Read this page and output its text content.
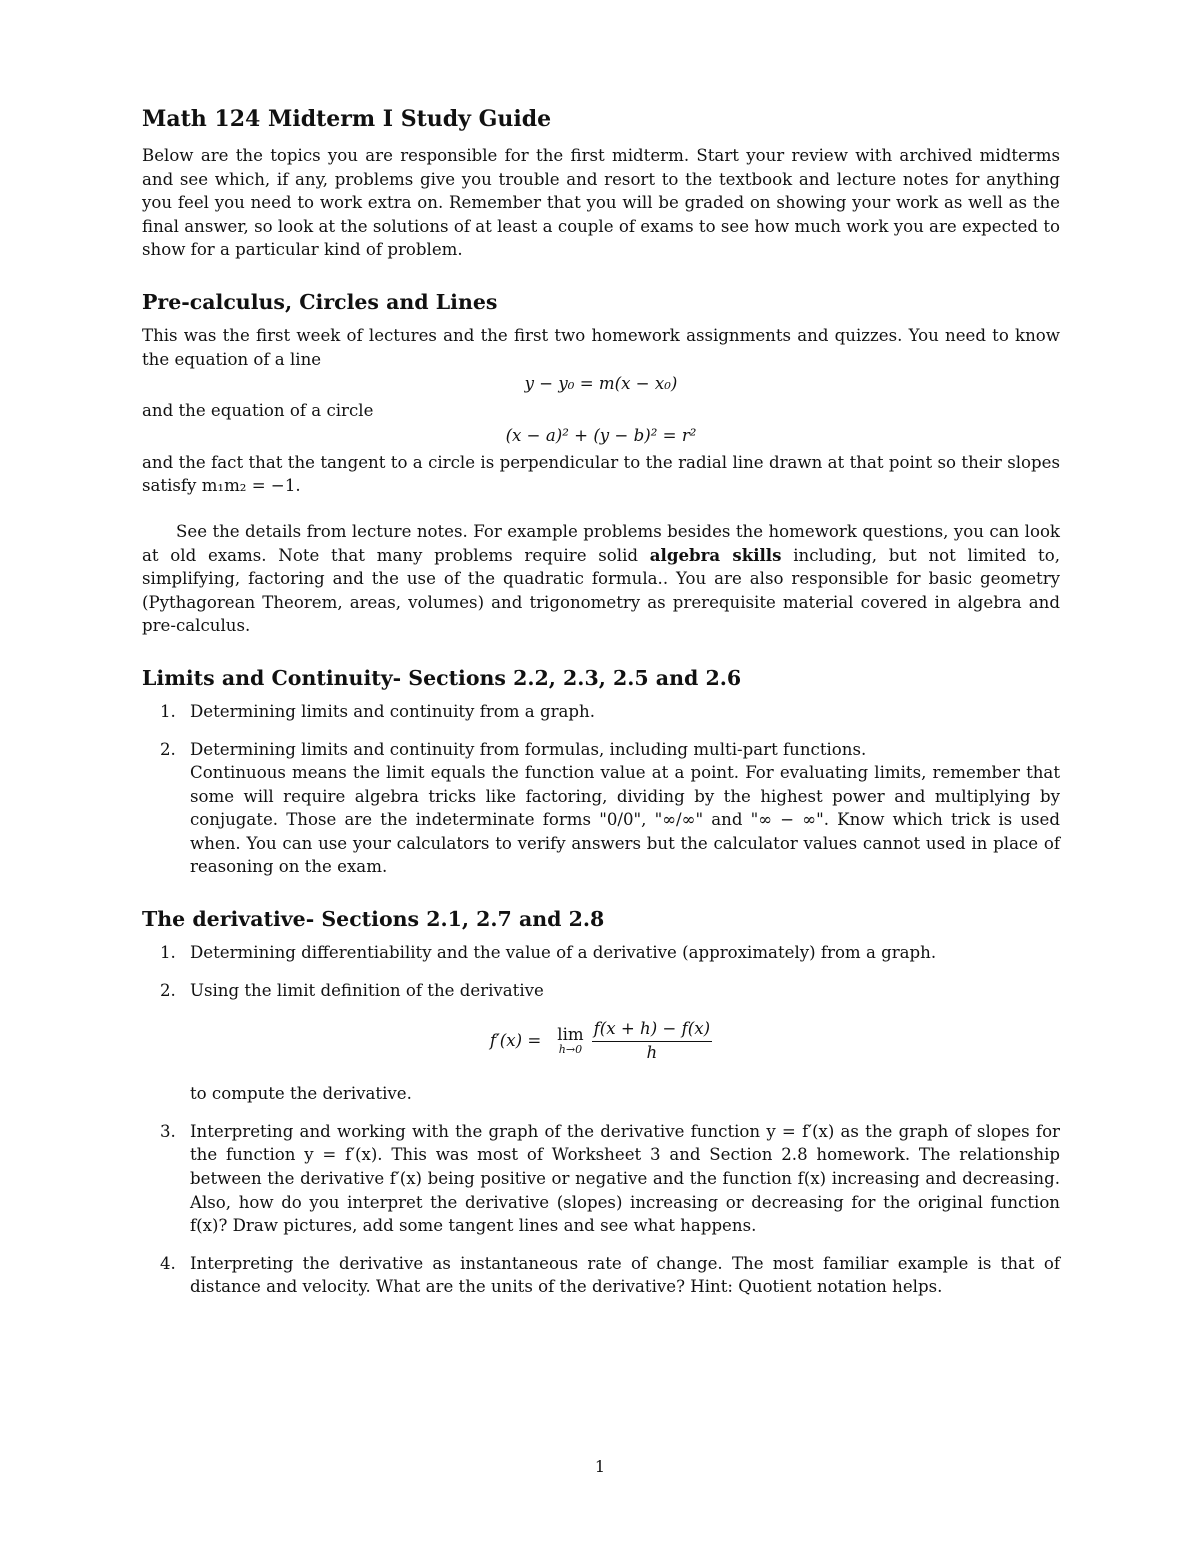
Math 124 Midterm I Study Guide

Below are the topics you are responsible for the first midterm. Start your review with archived midterms and see which, if any, problems give you trouble and resort to the textbook and lecture notes for anything you feel you need to work extra on. Remember that you will be graded on showing your work as well as the final answer, so look at the solutions of at least a couple of exams to see how much work you are expected to show for a particular kind of problem.

Pre-calculus, Circles and Lines

This was the first week of lectures and the first two homework assignments and quizzes. You need to know the equation of a line

y − y₀ = m(x − x₀)

and the equation of a circle

(x − a)² + (y − b)² = r²

and the fact that the tangent to a circle is perpendicular to the radial line drawn at that point so their slopes satisfy m₁m₂ = −1.

See the details from lecture notes. For example problems besides the homework questions, you can look at old exams. Note that many problems require solid algebra skills including, but not limited to, simplifying, factoring and the use of the quadratic formula.. You are also responsible for basic geometry (Pythagorean Theorem, areas, volumes) and trigonometry as prerequisite material covered in algebra and pre-calculus.

Limits and Continuity- Sections 2.2, 2.3, 2.5 and 2.6
1. Determining limits and continuity from a graph.
2. Determining limits and continuity from formulas, including multi-part functions.
Continuous means the limit equals the function value at a point. For evaluating limits, remember that some will require algebra tricks like factoring, dividing by the highest power and multiplying by conjugate. Those are the indeterminate forms "0/0", "∞/∞" and "∞ − ∞". Know which trick is used when. You can use your calculators to verify answers but the calculator values cannot used in place of reasoning on the exam.
The derivative- Sections 2.1, 2.7 and 2.8
1. Determining differentiability and the value of a derivative (approximately) from a graph.
2. Using the limit definition of the derivative
f′(x) = lim
$h\to 0 \frac{f(x + h) - f(x)}{h}$
to compute the derivative.
3. Interpreting and working with the graph of the derivative function y = f′(x) as the graph of slopes for the function y = f′(x). This was most of Worksheet 3 and Section 2.8 homework. The relationship between the derivative f′(x) being positive or negative and the function f(x) increasing and decreasing. Also, how do you interpret the derivative (slopes) increasing or decreasing for the original function f(x)? Draw pictures, add some tangent lines and see what happens.
4. Interpreting the derivative as instantaneous rate of change. The most familiar example is that of distance and velocity. What are the units of the derivative? Hint: Quotient notation helps.
1
